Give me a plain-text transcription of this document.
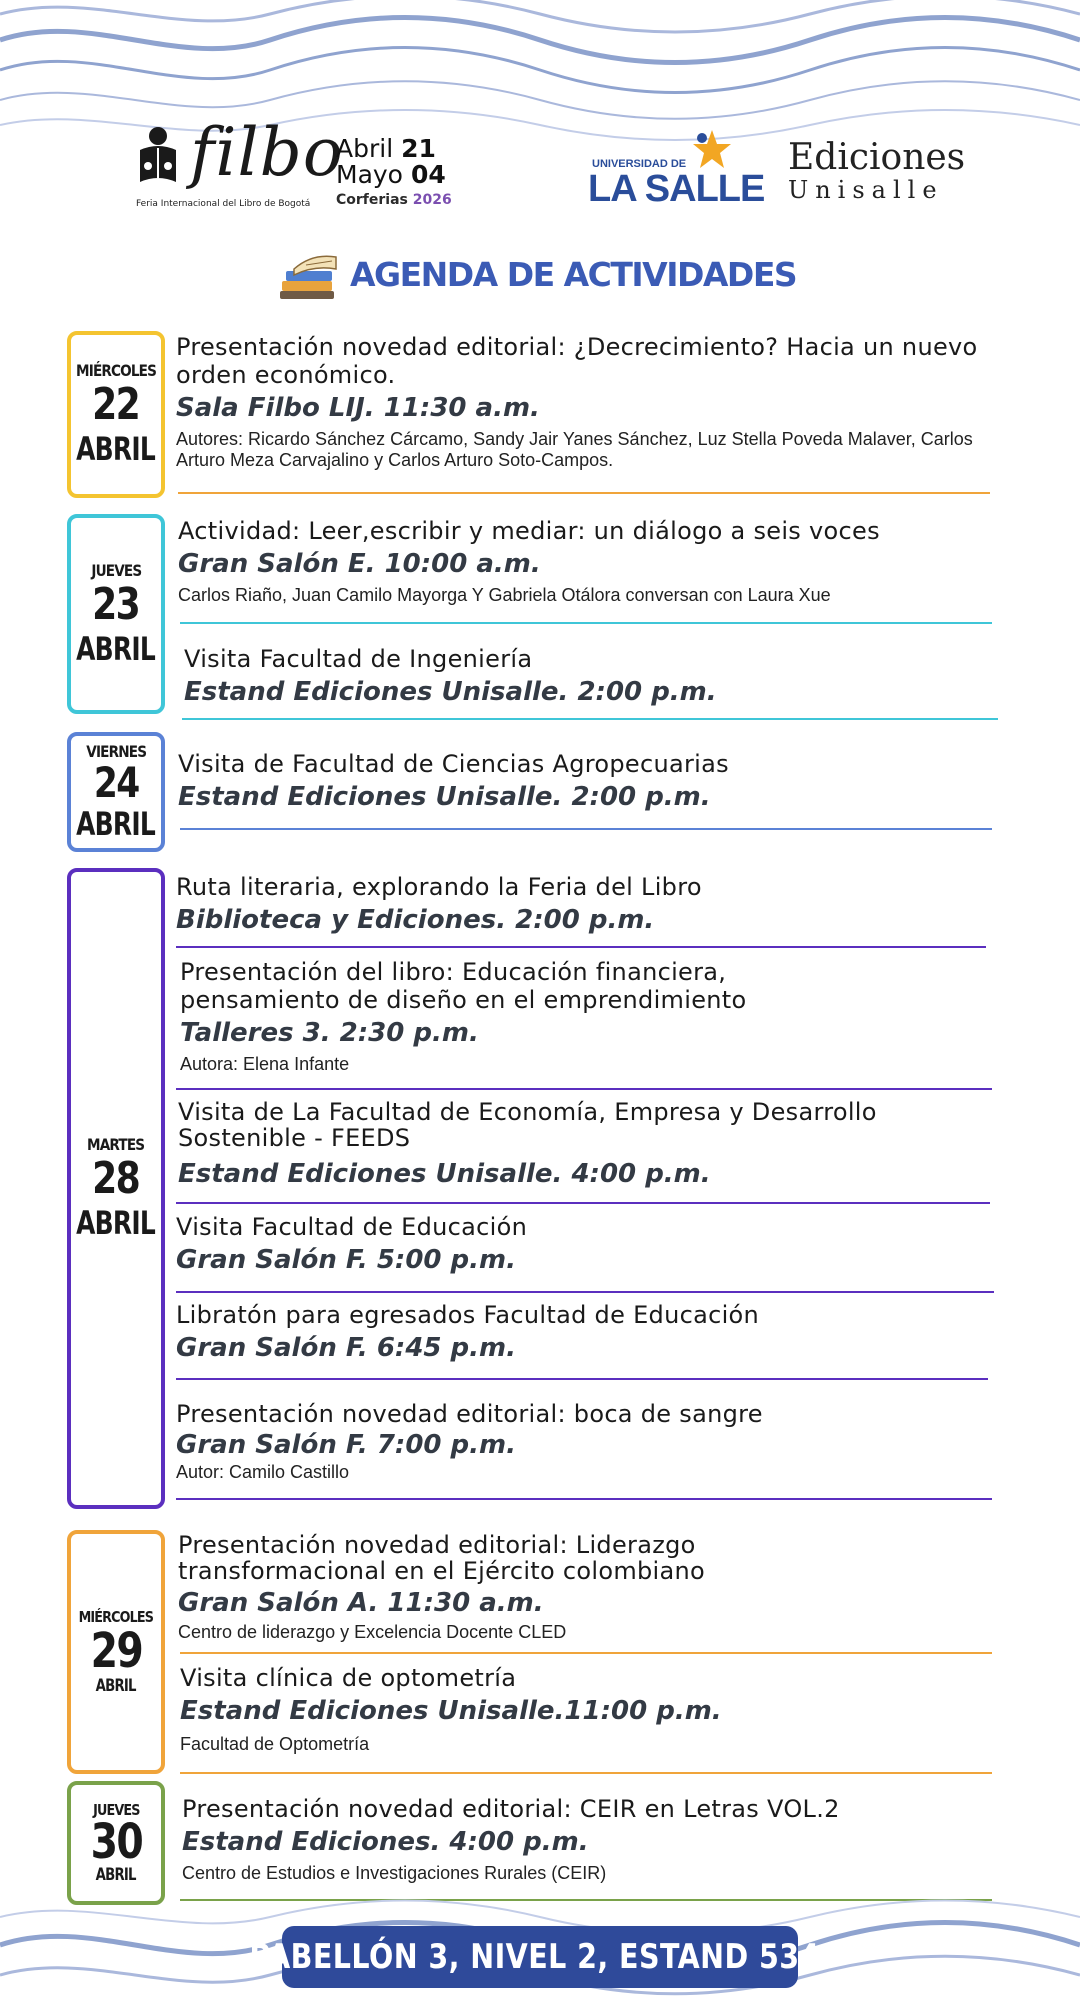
filbo
Abril 21
Mayo 04
Corferias 2026
Feria Internacional del Libro de Bogotá
UNIVERSIDAD DE
LA SALLE
Ediciones
Unisalle
AGENDA DE ACTIVIDADES
MIÉRCOLES
22
ABRIL
Presentación novedad editorial: ¿Decrecimiento? Hacia un nuevo orden económico.
Sala Filbo LIJ. 11:30 a.m.
Autores: Ricardo Sánchez Cárcamo, Sandy Jair Yanes Sánchez, Luz Stella Poveda Malaver, Carlos Arturo Meza Carvajalino y Carlos Arturo Soto-Campos.
JUEVES
23
ABRIL
Actividad: Leer,escribir y mediar: un diálogo a seis voces
Gran Salón E. 10:00 a.m.
Carlos Riaño, Juan Camilo Mayorga Y Gabriela Otálora conversan con Laura Xue
Visita Facultad de Ingeniería
Estand Ediciones Unisalle. 2:00 p.m.
VIERNES
24
ABRIL
Visita de Facultad de Ciencias Agropecuarias
Estand Ediciones Unisalle. 2:00 p.m.
MARTES
28
ABRIL
Ruta literaria, explorando la Feria del Libro
Biblioteca y Ediciones. 2:00 p.m.
Presentación del libro: Educación financiera, pensamiento de diseño en el emprendimiento
Talleres 3. 2:30 p.m.
Autora: Elena Infante
Visita de La Facultad de Economía, Empresa y Desarrollo Sostenible - FEEDS
Estand Ediciones Unisalle. 4:00 p.m.
Visita Facultad de Educación
Gran Salón F. 5:00 p.m.
Libratón para egresados Facultad de Educación
Gran Salón F. 6:45 p.m.
Presentación novedad editorial: boca de sangre
Gran Salón F. 7:00 p.m.
Autor: Camilo Castillo
MIÉRCOLES
29
ABRIL
Presentación novedad editorial: Liderazgo transformacional en el Ejército colombiano
Gran Salón A. 11:30 a.m.
Centro de liderazgo y Excelencia Docente CLED
Visita clínica de optometría
Estand Ediciones Unisalle.11:00 p.m.
Facultad de Optometría
JUEVES
30
ABRIL
Presentación novedad editorial: CEIR en Letras VOL.2
Estand Ediciones. 4:00 p.m.
Centro de Estudios e Investigaciones Rurales (CEIR)
PABELLÓN 3, NIVEL 2, ESTAND 534.
